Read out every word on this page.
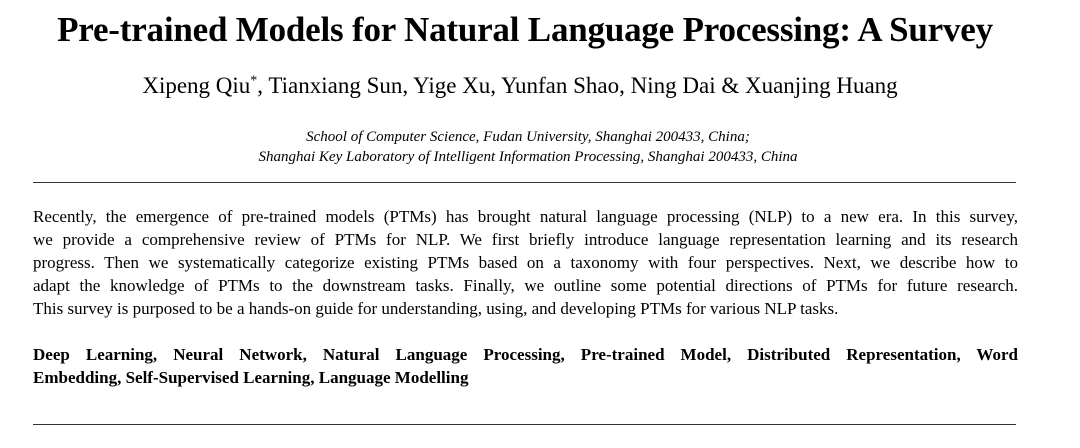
Pre-trained Models for Natural Language Processing: A Survey
Xipeng Qiu*, Tianxiang Sun, Yige Xu, Yunfan Shao, Ning Dai & Xuanjing Huang
School of Computer Science, Fudan University, Shanghai 200433, China;
Shanghai Key Laboratory of Intelligent Information Processing, Shanghai 200433, China
Recently, the emergence of pre-trained models (PTMs) has brought natural language processing (NLP) to a new era. In this survey,
we provide a comprehensive review of PTMs for NLP. We first briefly introduce language representation learning and its research
progress. Then we systematically categorize existing PTMs based on a taxonomy with four perspectives. Next, we describe how to
adapt the knowledge of PTMs to the downstream tasks. Finally, we outline some potential directions of PTMs for future research.
This survey is purposed to be a hands-on guide for understanding, using, and developing PTMs for various NLP tasks.
Deep Learning, Neural Network, Natural Language Processing, Pre-trained Model, Distributed Representation, Word
Embedding, Self-Supervised Learning, Language Modelling
